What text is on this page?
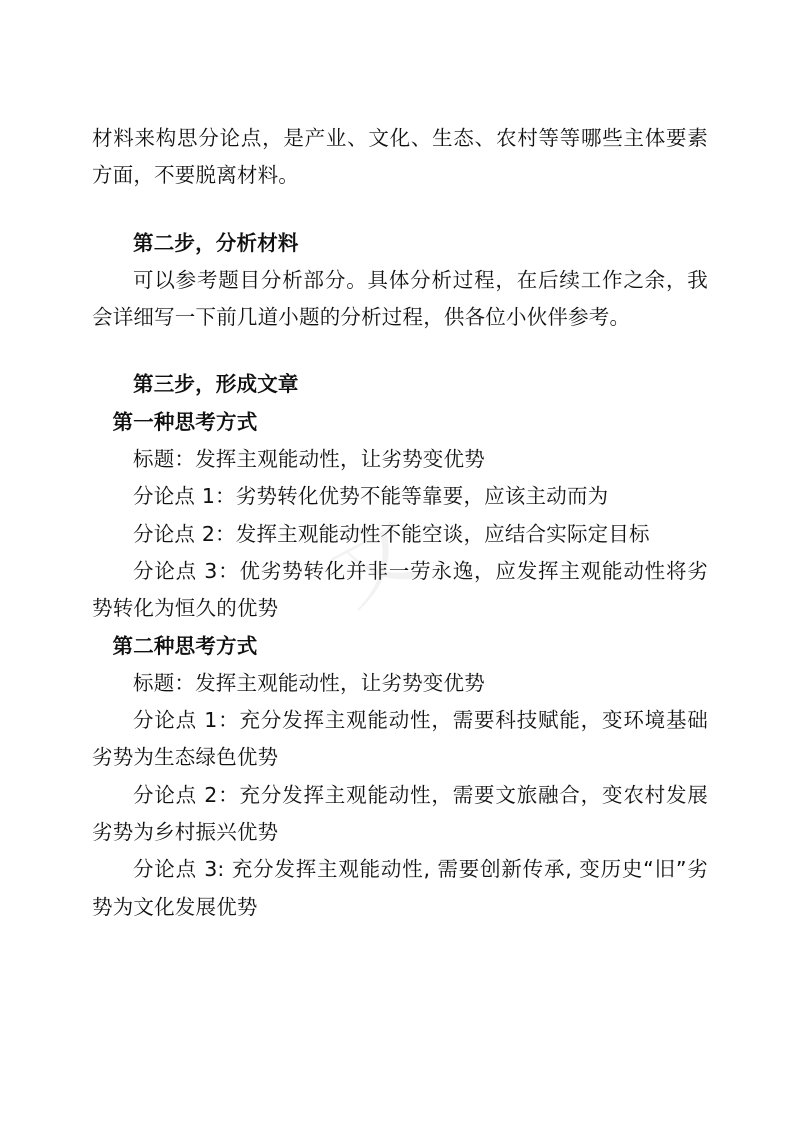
文

材料来构思分论点，是产业、文化、生态、农村等等哪些主体要素方面，不要脱离材料。

第二步，分析材料

可以参考题目分析部分。具体分析过程，在后续工作之余，我会详细写一下前几道小题的分析过程，供各位小伙伴参考。

第三步，形成文章

第一种思考方式

标题：发挥主观能动性，让劣势变优势

分论点 1：劣势转化优势不能等靠要，应该主动而为

分论点 2：发挥主观能动性不能空谈，应结合实际定目标

分论点 3：优劣势转化并非一劳永逸，应发挥主观能动性将劣势转化为恒久的优势

第二种思考方式

标题：发挥主观能动性，让劣势变优势

分论点 1：充分发挥主观能动性，需要科技赋能，变环境基础劣势为生态绿色优势

分论点 2：充分发挥主观能动性，需要文旅融合，变农村发展劣势为乡村振兴优势

分论点 3: 充分发挥主观能动性, 需要创新传承, 变历史“旧”劣势为文化发展优势
